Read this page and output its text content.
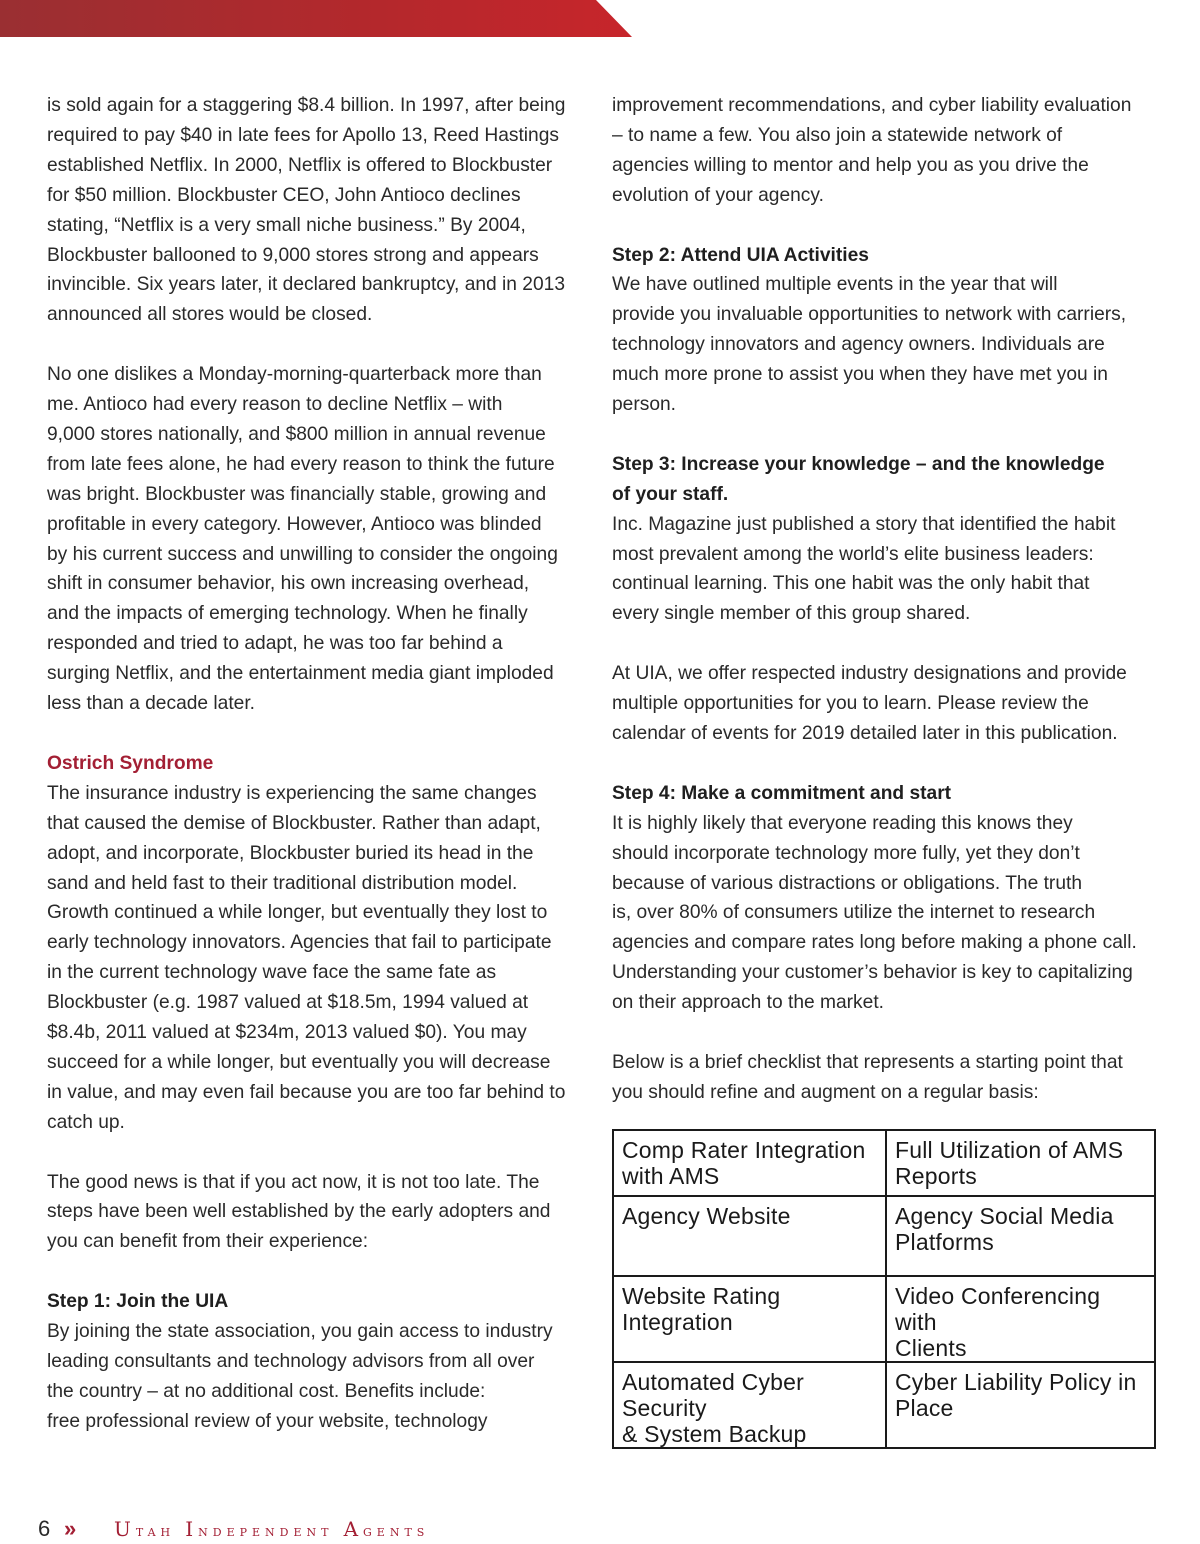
is sold again for a staggering $8.4 billion. In 1997, after being
required to pay $40 in late fees for Apollo 13, Reed Hastings
established Netflix. In 2000, Netflix is offered to Blockbuster
for $50 million. Blockbuster CEO, John Antioco declines
stating, “Netflix is a very small niche business.” By 2004,
Blockbuster ballooned to 9,000 stores strong and appears
invincible. Six years later, it declared bankruptcy, and in 2013
announced all stores would be closed.

No one dislikes a Monday-morning-quarterback more than
me. Antioco had every reason to decline Netflix – with
9,000 stores nationally, and $800 million in annual revenue
from late fees alone, he had every reason to think the future
was bright. Blockbuster was financially stable, growing and
profitable in every category. However, Antioco was blinded
by his current success and unwilling to consider the ongoing
shift in consumer behavior, his own increasing overhead,
and the impacts of emerging technology. When he finally
responded and tried to adapt, he was too far behind a
surging Netflix, and the entertainment media giant imploded
less than a decade later.

Ostrich Syndrome

The insurance industry is experiencing the same changes
that caused the demise of Blockbuster. Rather than adapt,
adopt, and incorporate, Blockbuster buried its head in the
sand and held fast to their traditional distribution model.
Growth continued a while longer, but eventually they lost to
early technology innovators. Agencies that fail to participate
in the current technology wave face the same fate as
Blockbuster (e.g. 1987 valued at $18.5m, 1994 valued at
$8.4b, 2011 valued at $234m, 2013 valued $0). You may
succeed for a while longer, but eventually you will decrease
in value, and may even fail because you are too far behind to
catch up.

The good news is that if you act now, it is not too late. The
steps have been well established by the early adopters and
you can benefit from their experience:

Step 1: Join the UIA

By joining the state association, you gain access to industry
leading consultants and technology advisors from all over
the country – at no additional cost. Benefits include:
free professional review of your website, technology

improvement recommendations, and cyber liability evaluation
– to name a few. You also join a statewide network of
agencies willing to mentor and help you as you drive the
evolution of your agency.

Step 2: Attend UIA Activities

We have outlined multiple events in the year that will
provide you invaluable opportunities to network with carriers,
technology innovators and agency owners. Individuals are
much more prone to assist you when they have met you in
person.

Step 3: Increase your knowledge – and the knowledge
of your staff.

Inc. Magazine just published a story that identified the habit
most prevalent among the world’s elite business leaders:
continual learning. This one habit was the only habit that
every single member of this group shared.

At UIA, we offer respected industry designations and provide
multiple opportunities for you to learn. Please review the
calendar of events for 2019 detailed later in this publication.

Step 4: Make a commitment and start

It is highly likely that everyone reading this knows they
should incorporate technology more fully, yet they don’t
because of various distractions or obligations. The truth
is, over 80% of consumers utilize the internet to research
agencies and compare rates long before making a phone call.
Understanding your customer’s behavior is key to capitalizing
on their approach to the market.

Below is a brief checklist that represents a starting point that
you should refine and augment on a regular basis:

Comp Rater Integration
with AMS	Full Utilization of AMS
Reports
Agency Website	Agency Social Media
Platforms
Website Rating Integration	Video Conferencing with
Clients
Automated Cyber Security
& System Backup	Cyber Liability Policy in
Place
6 »	Utah Independent Agents
